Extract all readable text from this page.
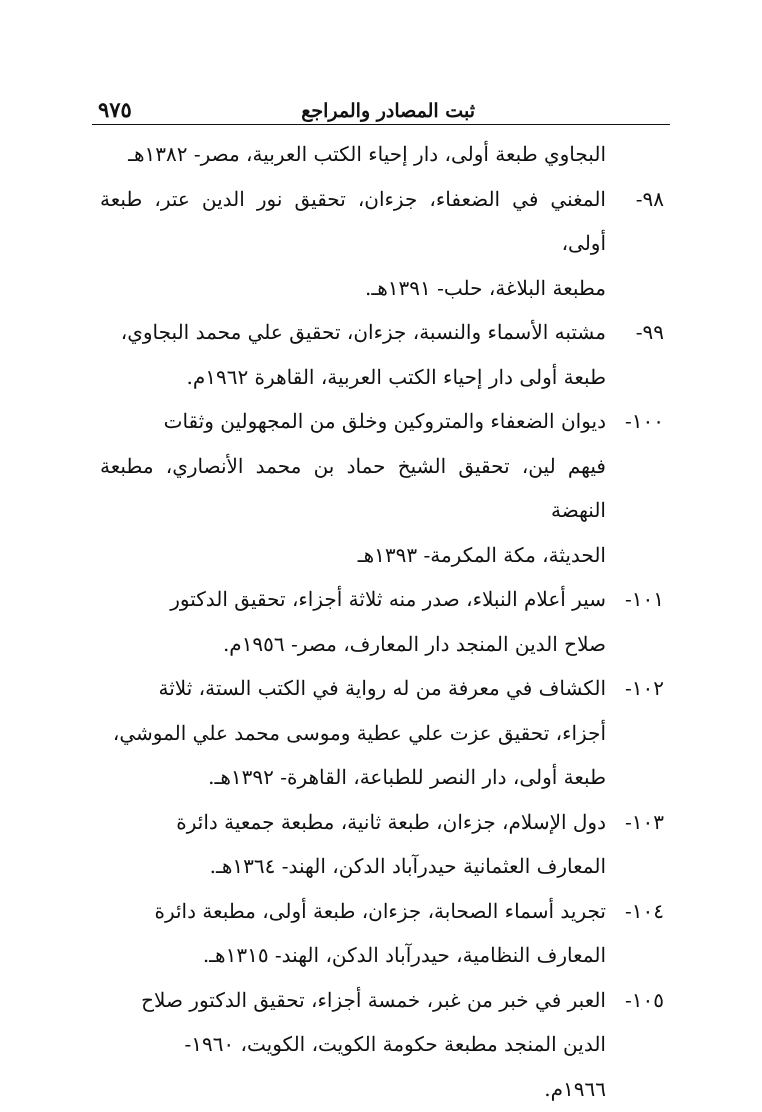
ثبت المصادر والمراجع
٩٧٥
البجاوي طبعة أولى، دار إحياء الكتب العربية، مصر- ١٣٨٢هـ
٩٨-
المغني في الضعفاء، جزءان، تحقيق نور الدين عتر، طبعة أولى،
مطبعة البلاغة، حلب- ١٣٩١هـ.
٩٩-
مشتبه الأسماء والنسبة، جزءان، تحقيق علي محمد البجاوي،
طبعة أولى دار إحياء الكتب العربية، القاهرة ١٩٦٢م.
١٠٠-
ديوان الضعفاء والمتروكين وخلق من المجهولين وثقات
فيهم لين، تحقيق الشيخ حماد بن محمد الأنصاري، مطبعة النهضة
الحديثة، مكة المكرمة- ١٣٩٣هـ
١٠١-
سير أعلام النبلاء، صدر منه ثلاثة أجزاء، تحقيق الدكتور
صلاح الدين المنجد دار المعارف، مصر- ١٩٥٦م.
١٠٢-
الكشاف في معرفة من له رواية في الكتب الستة، ثلاثة
أجزاء، تحقيق عزت علي عطية وموسى محمد علي الموشي،
طبعة أولى، دار النصر للطباعة، القاهرة- ١٣٩٢هـ.
١٠٣-
دول الإسلام، جزءان، طبعة ثانية، مطبعة جمعية دائرة
المعارف العثمانية حيدرآباد الدكن، الهند- ١٣٦٤هـ.
١٠٤-
تجريد أسماء الصحابة، جزءان، طبعة أولى، مطبعة دائرة
المعارف النظامية، حيدرآباد الدكن، الهند- ١٣١٥هـ.
١٠٥-
العبر في خبر من غبر، خمسة أجزاء، تحقيق الدكتور صلاح
الدين المنجد مطبعة حكومة الكويت، الكويت، ١٩٦٠-
١٩٦٦م.
